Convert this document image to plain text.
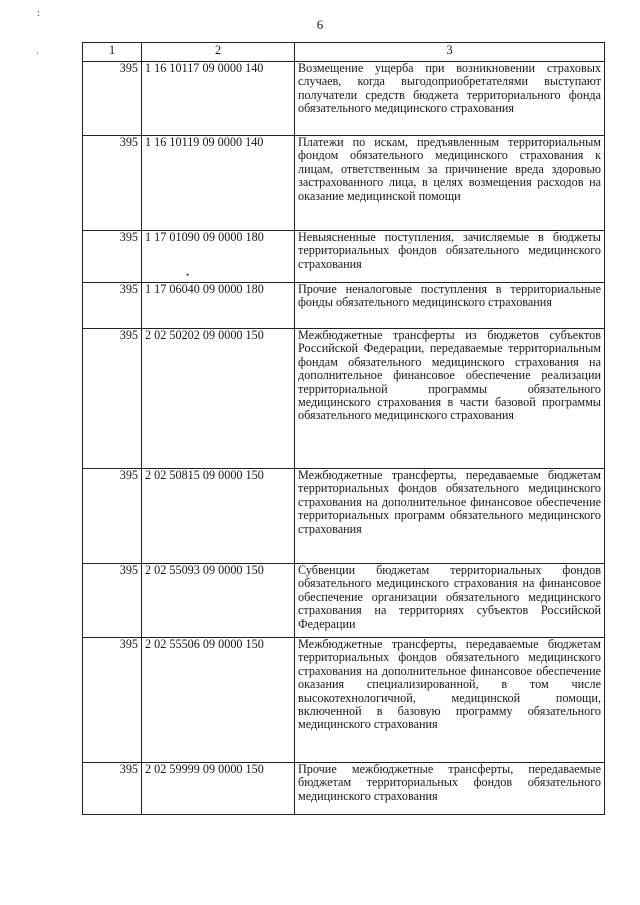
:
·
6
1	2	3
395	1 16 10117 09 0000 140	Возмещение ущерба при возникновении страховых случаев, когда выгодоприобретателями выступают получатели средств бюджета территориального фонда обязательного медицинского страхования
395	1 16 10119 09 0000 140	Платежи по искам, предъявленным территориальным фондом обязательного медицинского страхования к лицам, ответственным за причинение вреда здоровью застрахованного лица, в целях возмещения расходов на оказание медицинской помощи
395	1 17 01090 09 0000 180	Невыясненные поступления, зачисляемые в бюджеты территориальных фондов обязательного медицинского страхования
395	1 17 06040 09 0000 180	Прочие неналоговые поступления в территориальные фонды обязательного медицинского страхования
395	2 02 50202 09 0000 150	Межбюджетные трансферты из бюджетов субъектов Российской Федерации, передаваемые территориальным фондам обязательного медицинского страхования на дополнительное финансовое обеспечение реализации территориальной программы обязательного медицинского страхования в части базовой программы обязательного медицинского страхования
395	2 02 50815 09 0000 150	Межбюджетные трансферты, передаваемые бюджетам территориальных фондов обязательного медицинского страхования на дополнительное финансовое обеспечение территориальных программ обязательного медицинского страхования
395	2 02 55093 09 0000 150	Субвенции бюджетам территориальных фондов обязательного медицинского страхования на финансовое обеспечение организации обязательного медицинского страхования на территориях субъектов Российской Федерации
395	2 02 55506 09 0000 150	Межбюджетные трансферты, передаваемые бюджетам территориальных фондов обязательного медицинского страхования на дополнительное финансовое обеспечение оказания специализированной, в том числе высокотехнологичной, медицинской помощи, включенной в базовую программу обязательного медицинского страхования
395	2 02 59999 09 0000 150	Прочие межбюджетные трансферты, передаваемые бюджетам территориальных фондов обязательного медицинского страхования
•
